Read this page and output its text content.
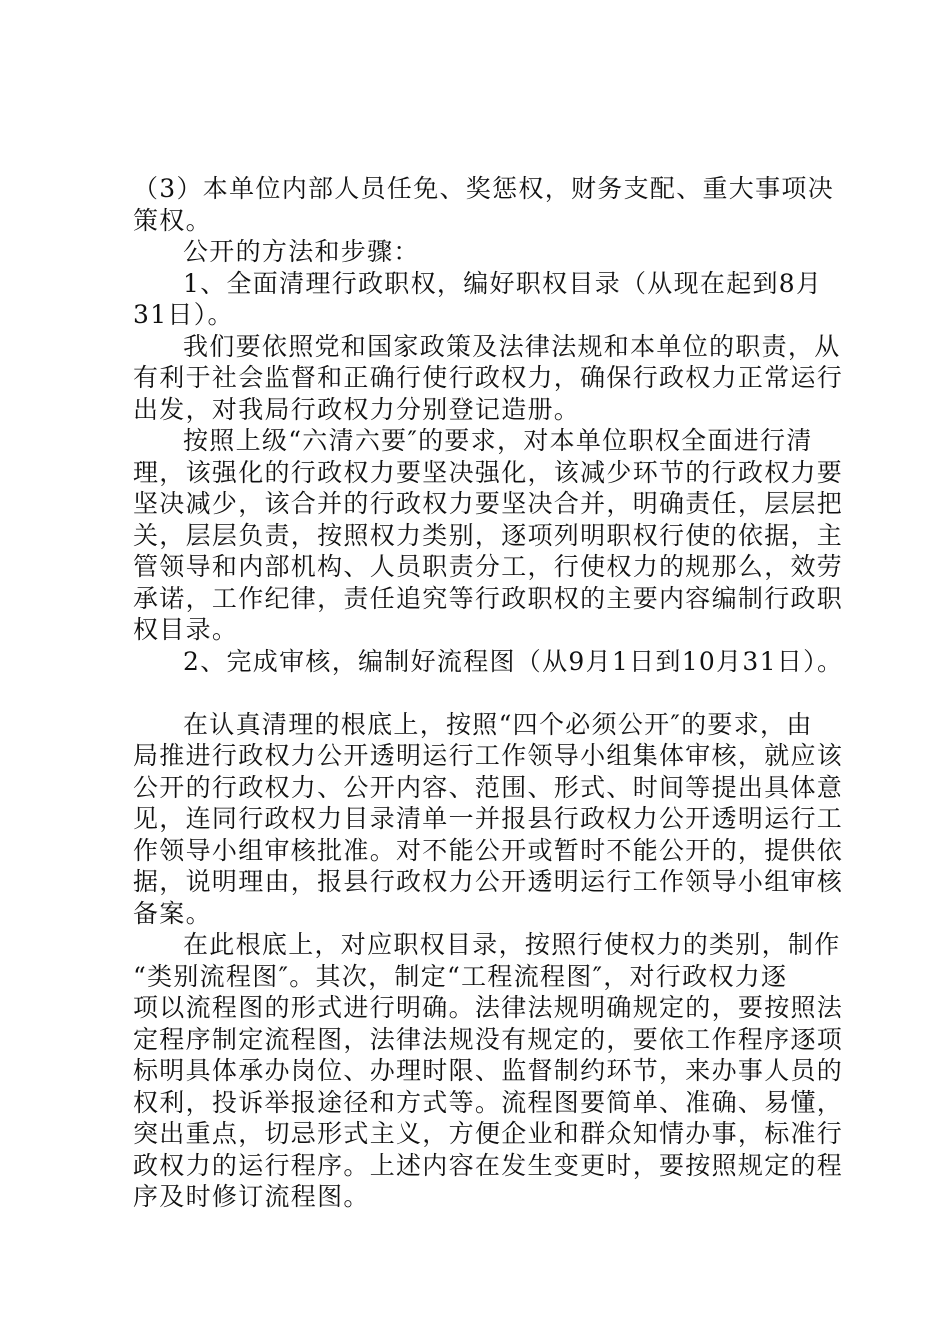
（3）本单位内部人员任免、奖惩权，财务支配、重大事项决
策权。
公开的方法和步骤：
1、全面清理行政职权，编好职权目录（从现在起到8月
31日）。
我们要依照党和国家政策及法律法规和本单位的职责，从
有利于社会监督和正确行使行政权力，确保行政权力正常运行
出发，对我局行政权力分别登记造册。
按照上级“六清六要″的要求，对本单位职权全面进行清
理，该强化的行政权力要坚决强化，该减少环节的行政权力要
坚决减少，该合并的行政权力要坚决合并，明确责任，层层把
关，层层负责，按照权力类别，逐项列明职权行使的依据，主
管领导和内部机构、人员职责分工，行使权力的规那么，效劳
承诺，工作纪律，责任追究等行政职权的主要内容编制行政职
权目录。
2、完成审核，编制好流程图（从9月1日到10月31日）。
在认真清理的根底上，按照“四个必须公开″的要求，由
局推进行政权力公开透明运行工作领导小组集体审核，就应该
公开的行政权力、公开内容、范围、形式、时间等提出具体意
见，连同行政权力目录清单一并报县行政权力公开透明运行工
作领导小组审核批准。对不能公开或暂时不能公开的，提供依
据，说明理由，报县行政权力公开透明运行工作领导小组审核
备案。
在此根底上，对应职权目录，按照行使权力的类别，制作
“类别流程图″。其次，制定“工程流程图″，对行政权力逐
项以流程图的形式进行明确。法律法规明确规定的，要按照法
定程序制定流程图，法律法规没有规定的，要依工作程序逐项
标明具体承办岗位、办理时限、监督制约环节，来办事人员的
权利，投诉举报途径和方式等。流程图要简单、准确、易懂，
突出重点，切忌形式主义，方便企业和群众知情办事，标准行
政权力的运行程序。上述内容在发生变更时，要按照规定的程
序及时修订流程图。
